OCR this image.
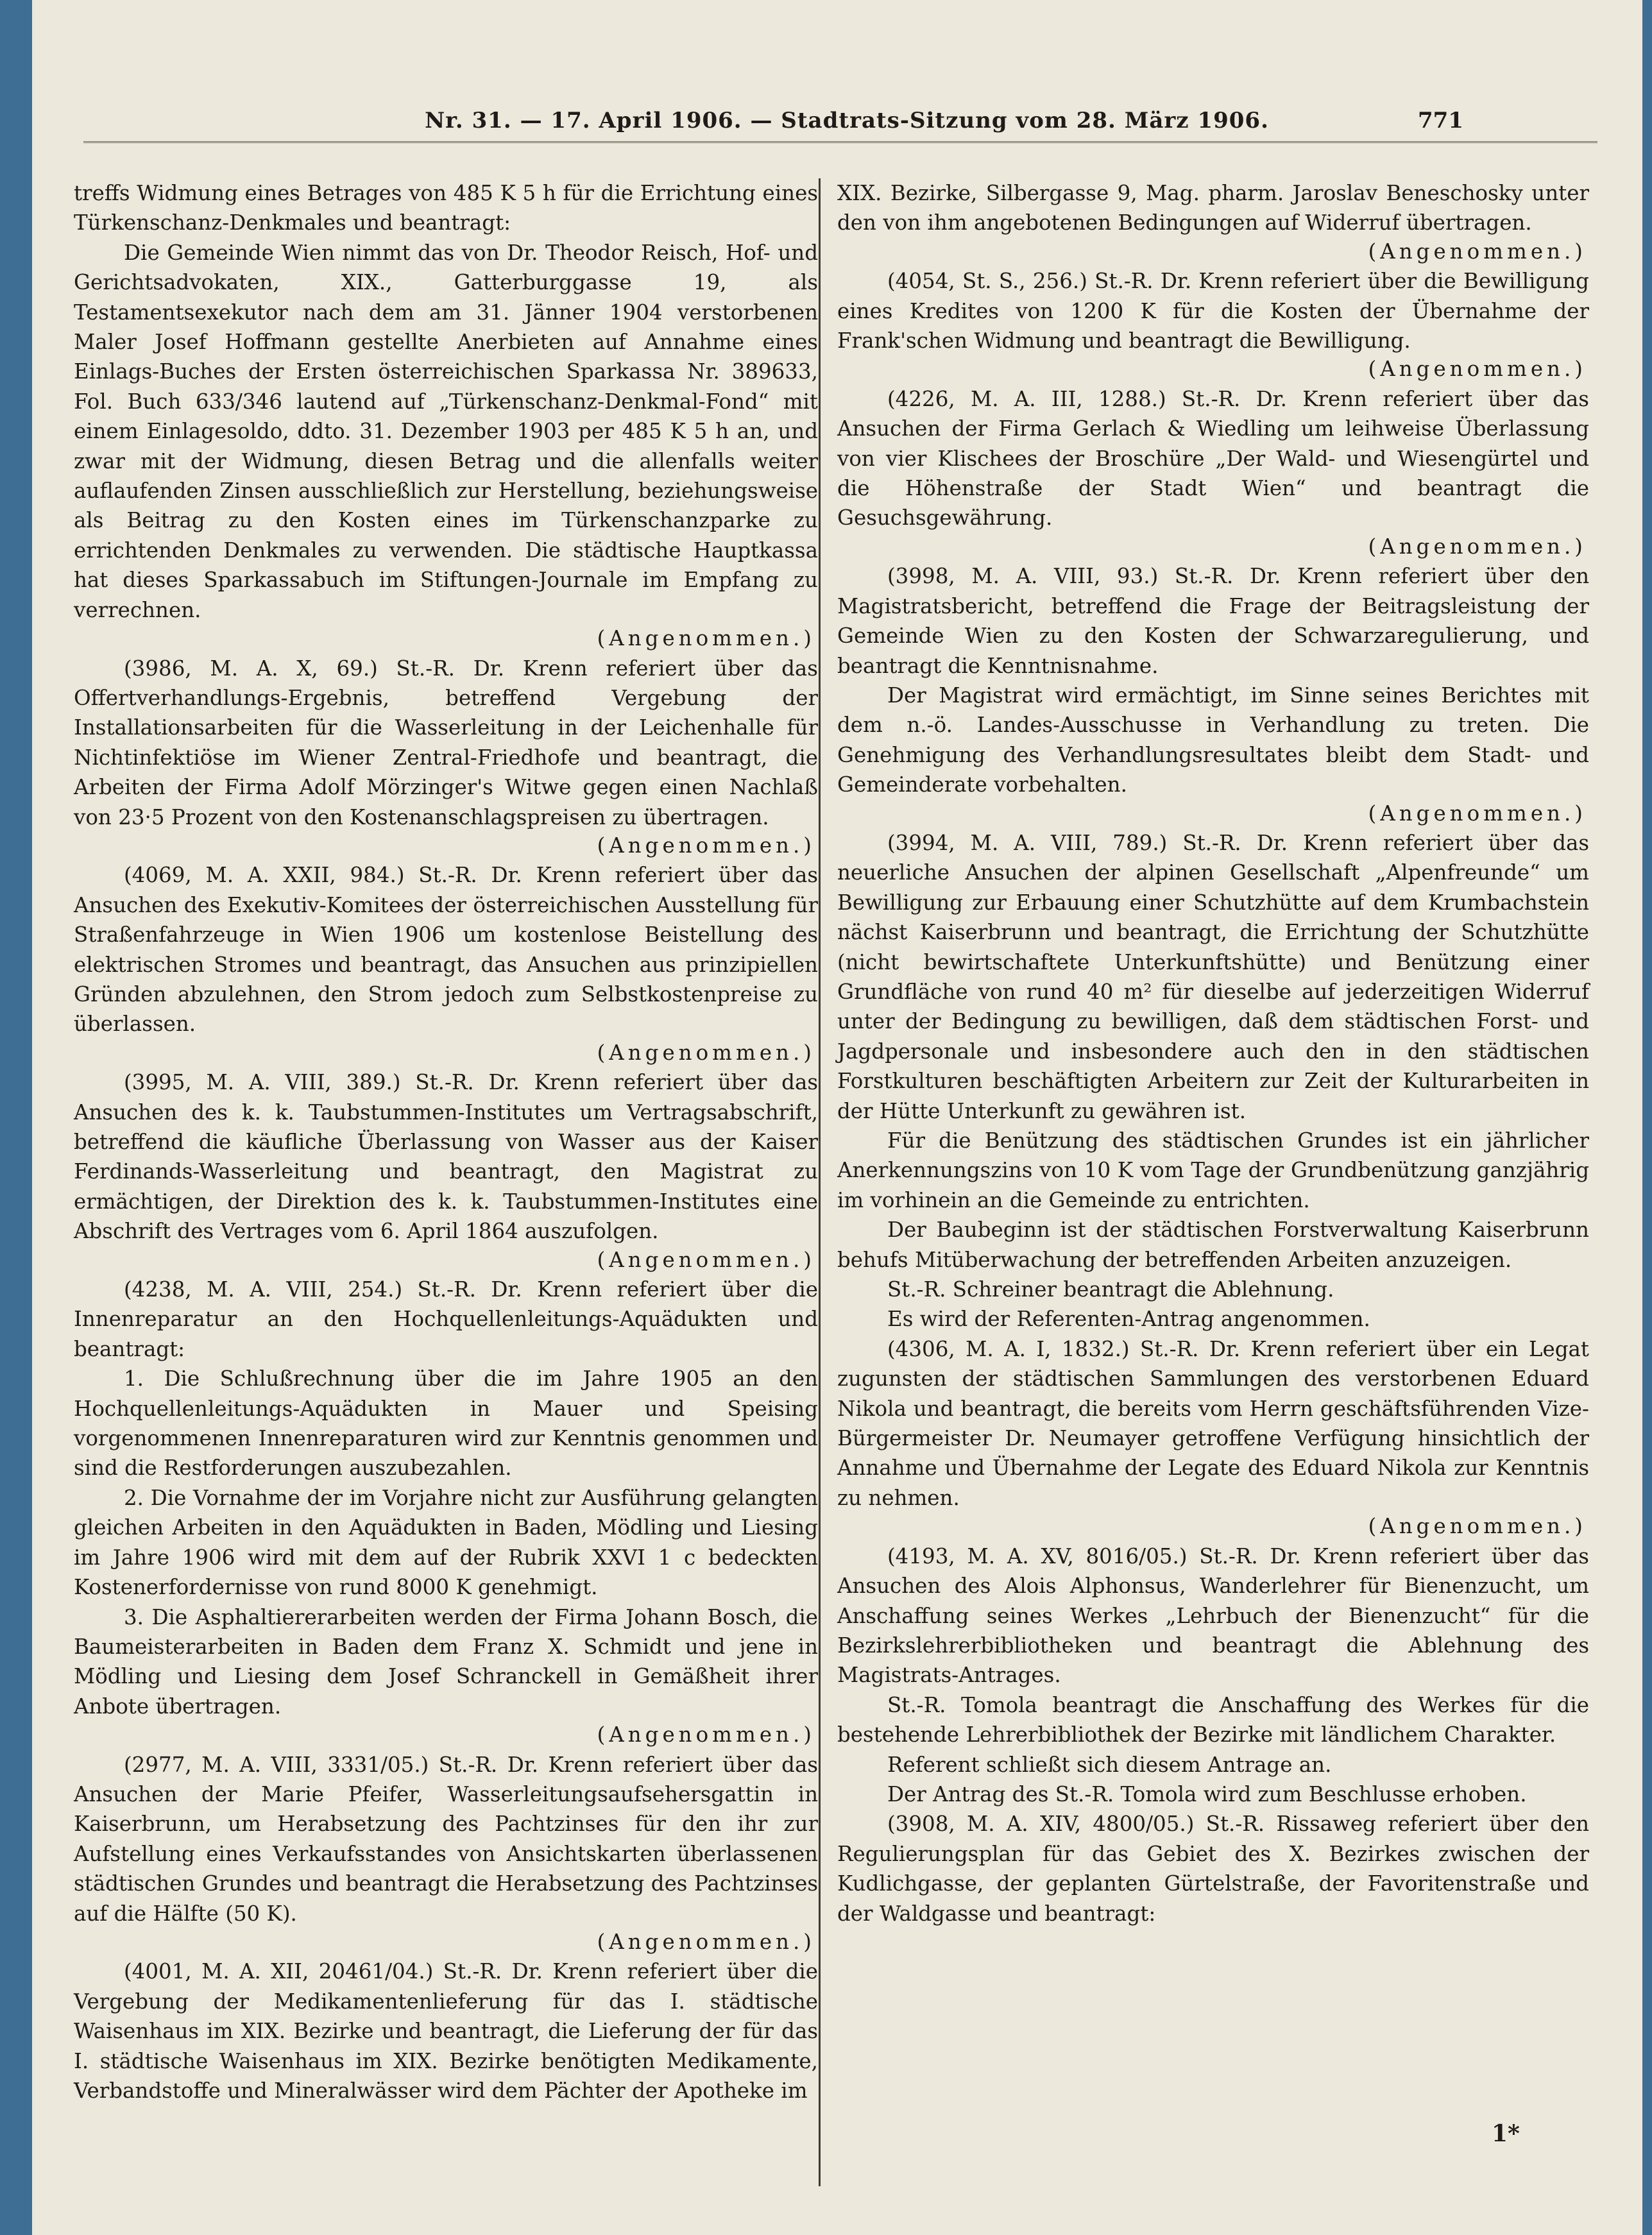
Nr. 31. — 17. April 1906. — Stadtrats-Sitzung vom 28. März 1906.	771

treffs Widmung eines Betrages von 485 K 5 h für die Errichtung eines Türkenschanz-Denkmales und beantragt:

Die Gemeinde Wien nimmt das von Dr. Theodor Reisch, Hof- und Gerichtsadvokaten, XIX., Gatterburggasse 19, als Testamentsexekutor nach dem am 31. Jänner 1904 verstorbenen Maler Josef Hoffmann gestellte Anerbieten auf Annahme eines Einlags-Buches der Ersten österreichischen Sparkassa Nr. 389633, Fol. Buch 633/346 lautend auf „Türkenschanz-Denkmal-Fond“ mit einem Einlagesoldo, ddto. 31. Dezember 1903 per 485 K 5 h an, und zwar mit der Widmung, diesen Betrag und die allenfalls weiter auflaufenden Zinsen ausschließlich zur Herstellung, beziehungsweise als Beitrag zu den Kosten eines im Türkenschanzparke zu errichtenden Denkmales zu verwenden. Die städtische Hauptkassa hat dieses Sparkassabuch im Stiftungen-Journale im Empfang zu verrechnen.

(Angenommen.)

(3986, M. A. X, 69.) St.-R. Dr. Krenn referiert über das Offertverhandlungs-Ergebnis, betreffend Vergebung der Installationsarbeiten für die Wasserleitung in der Leichenhalle für Nichtinfektiöse im Wiener Zentral-Friedhofe und beantragt, die Arbeiten der Firma Adolf Mörzinger's Witwe gegen einen Nachlaß von 23·5 Prozent von den Kostenanschlagspreisen zu übertragen.

(Angenommen.)

(4069, M. A. XXII, 984.) St.-R. Dr. Krenn referiert über das Ansuchen des Exekutiv-Komitees der österreichischen Ausstellung für Straßenfahrzeuge in Wien 1906 um kostenlose Beistellung des elektrischen Stromes und beantragt, das Ansuchen aus prinzipiellen Gründen abzulehnen, den Strom jedoch zum Selbstkostenpreise zu überlassen.

(Angenommen.)

(3995, M. A. VIII, 389.) St.-R. Dr. Krenn referiert über das Ansuchen des k. k. Taubstummen-Institutes um Vertragsabschrift, betreffend die käufliche Überlassung von Wasser aus der Kaiser Ferdinands-Wasserleitung und beantragt, den Magistrat zu ermächtigen, der Direktion des k. k. Taubstummen-Institutes eine Abschrift des Vertrages vom 6. April 1864 auszufolgen.

(Angenommen.)

(4238, M. A. VIII, 254.) St.-R. Dr. Krenn referiert über die Innenreparatur an den Hochquellenleitungs-Aquädukten und beantragt:

1. Die Schlußrechnung über die im Jahre 1905 an den Hochquellenleitungs-Aquädukten in Mauer und Speising vorgenommenen Innenreparaturen wird zur Kenntnis genommen und sind die Restforderungen auszubezahlen.

2. Die Vornahme der im Vorjahre nicht zur Ausführung gelangten gleichen Arbeiten in den Aquädukten in Baden, Mödling und Liesing im Jahre 1906 wird mit dem auf der Rubrik XXVI 1 c bedeckten Kostenerfordernisse von rund 8000 K genehmigt.

3. Die Asphaltiererarbeiten werden der Firma Johann Bosch, die Baumeisterarbeiten in Baden dem Franz X. Schmidt und jene in Mödling und Liesing dem Josef Schranckell in Gemäßheit ihrer Anbote übertragen.

(Angenommen.)

(2977, M. A. VIII, 3331/05.) St.-R. Dr. Krenn referiert über das Ansuchen der Marie Pfeifer, Wasserleitungsaufsehersgattin in Kaiserbrunn, um Herabsetzung des Pachtzinses für den ihr zur Aufstellung eines Verkaufsstandes von Ansichtskarten überlassenen städtischen Grundes und beantragt die Herabsetzung des Pachtzinses auf die Hälfte (50 K).

(Angenommen.)

(4001, M. A. XII, 20461/04.) St.-R. Dr. Krenn referiert über die Vergebung der Medikamentenlieferung für das I. städtische Waisenhaus im XIX. Bezirke und beantragt, die Lieferung der für das I. städtische Waisenhaus im XIX. Bezirke benötigten Medikamente, Verbandstoffe und Mineralwässer wird dem Pächter der Apotheke im

XIX. Bezirke, Silbergasse 9, Mag. pharm. Jaroslav Beneschosky unter den von ihm angebotenen Bedingungen auf Widerruf übertragen.

(Angenommen.)

(4054, St. S., 256.) St.-R. Dr. Krenn referiert über die Bewilligung eines Kredites von 1200 K für die Kosten der Übernahme der Frank'schen Widmung und beantragt die Bewilligung.

(Angenommen.)

(4226, M. A. III, 1288.) St.-R. Dr. Krenn referiert über das Ansuchen der Firma Gerlach & Wiedling um leihweise Überlassung von vier Klischees der Broschüre „Der Wald- und Wiesengürtel und die Höhenstraße der Stadt Wien“ und beantragt die Gesuchsgewährung.

(Angenommen.)

(3998, M. A. VIII, 93.) St.-R. Dr. Krenn referiert über den Magistratsbericht, betreffend die Frage der Beitragsleistung der Gemeinde Wien zu den Kosten der Schwarzaregulierung, und beantragt die Kenntnisnahme.

Der Magistrat wird ermächtigt, im Sinne seines Berichtes mit dem n.-ö. Landes-Ausschusse in Verhandlung zu treten. Die Genehmigung des Verhandlungsresultates bleibt dem Stadt- und Gemeinderate vorbehalten.

(Angenommen.)

(3994, M. A. VIII, 789.) St.-R. Dr. Krenn referiert über das neuerliche Ansuchen der alpinen Gesellschaft „Alpenfreunde“ um Bewilligung zur Erbauung einer Schutzhütte auf dem Krumbachstein nächst Kaiserbrunn und beantragt, die Errichtung der Schutzhütte (nicht bewirtschaftete Unterkunftshütte) und Benützung einer Grundfläche von rund 40 m² für dieselbe auf jederzeitigen Widerruf unter der Bedingung zu bewilligen, daß dem städtischen Forst- und Jagdpersonale und insbesondere auch den in den städtischen Forstkulturen beschäftigten Arbeitern zur Zeit der Kulturarbeiten in der Hütte Unterkunft zu gewähren ist.

Für die Benützung des städtischen Grundes ist ein jährlicher Anerkennungszins von 10 K vom Tage der Grundbenützung ganzjährig im vorhinein an die Gemeinde zu entrichten.

Der Baubeginn ist der städtischen Forstverwaltung Kaiserbrunn behufs Mitüberwachung der betreffenden Arbeiten anzuzeigen.

St.-R. Schreiner beantragt die Ablehnung.

Es wird der Referenten-Antrag angenommen.

(4306, M. A. I, 1832.) St.-R. Dr. Krenn referiert über ein Legat zugunsten der städtischen Sammlungen des verstorbenen Eduard Nikola und beantragt, die bereits vom Herrn geschäftsführenden Vize-Bürgermeister Dr. Neumayer getroffene Verfügung hinsichtlich der Annahme und Übernahme der Legate des Eduard Nikola zur Kenntnis zu nehmen.

(Angenommen.)

(4193, M. A. XV, 8016/05.) St.-R. Dr. Krenn referiert über das Ansuchen des Alois Alphonsus, Wanderlehrer für Bienenzucht, um Anschaffung seines Werkes „Lehrbuch der Bienenzucht“ für die Bezirkslehrerbibliotheken und beantragt die Ablehnung des Magistrats-Antrages.

St.-R. Tomola beantragt die Anschaffung des Werkes für die bestehende Lehrerbibliothek der Bezirke mit ländlichem Charakter.

Referent schließt sich diesem Antrage an.

Der Antrag des St.-R. Tomola wird zum Beschlusse erhoben.

(3908, M. A. XIV, 4800/05.) St.-R. Rissaweg referiert über den Regulierungsplan für das Gebiet des X. Bezirkes zwischen der Kudlichgasse, der geplanten Gürtelstraße, der Favoritenstraße und der Waldgasse und beantragt:

1*
